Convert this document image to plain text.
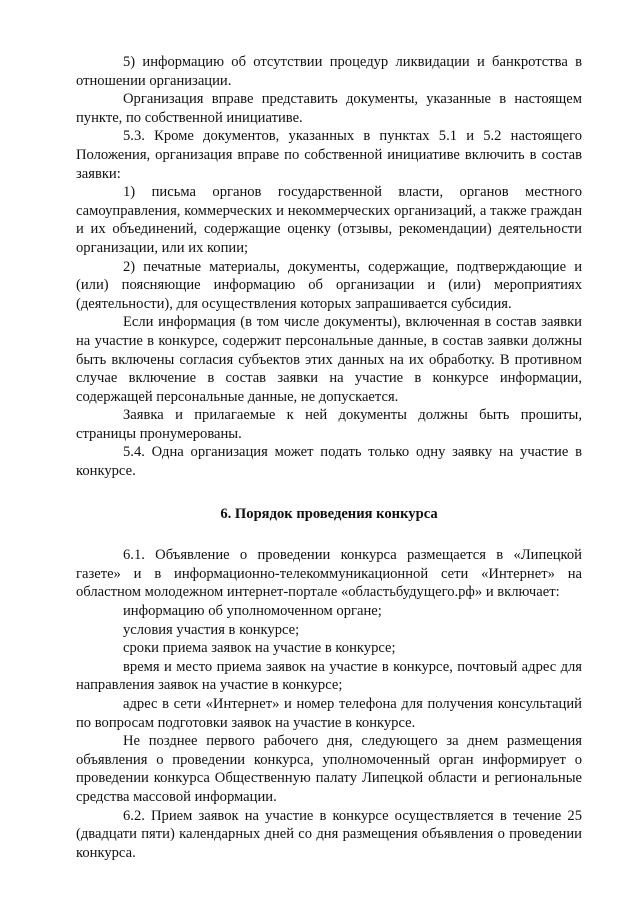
5) информацию об отсутствии процедур ликвидации и банкротства в отношении организации.

Организация вправе представить документы, указанные в настоящем пункте, по собственной инициативе.

5.3. Кроме документов, указанных в пунктах 5.1 и 5.2 настоящего Положения, организация вправе по собственной инициативе включить в состав заявки:

1) письма органов государственной власти, органов местного самоуправления, коммерческих и некоммерческих организаций, а также граждан и их объединений, содержащие оценку (отзывы, рекомендации) деятельности организации, или их копии;

2) печатные материалы, документы, содержащие, подтверждающие и (или) поясняющие информацию об организации и (или) мероприятиях (деятельности), для осуществления которых запрашивается субсидия.

Если информация (в том числе документы), включенная в состав заявки на участие в конкурсе, содержит персональные данные, в состав заявки должны быть включены согласия субъектов этих данных на их обработку. В противном случае включение в состав заявки на участие в конкурсе информации, содержащей персональные данные, не допускается.

Заявка и прилагаемые к ней документы должны быть прошиты, страницы пронумерованы.

5.4. Одна организация может подать только одну заявку на участие в конкурсе.

6. Порядок проведения конкурса

6.1. Объявление о проведении конкурса размещается в «Липецкой газете» и в информационно-телекоммуникационной сети «Интернет» на областном молодежном интернет-портале «областьбудущего.рф» и включает:

информацию об уполномоченном органе;

условия участия в конкурсе;

сроки приема заявок на участие в конкурсе;

время и место приема заявок на участие в конкурсе, почтовый адрес для направления заявок на участие в конкурсе;

адрес в сети «Интернет» и номер телефона для получения консультаций по вопросам подготовки заявок на участие в конкурсе.

Не позднее первого рабочего дня, следующего за днем размещения объявления о проведении конкурса, уполномоченный орган информирует о проведении конкурса Общественную палату Липецкой области и региональные средства массовой информации.

6.2. Прием заявок на участие в конкурсе осуществляется в течение 25 (двадцати пяти) календарных дней со дня размещения объявления о проведении конкурса.
